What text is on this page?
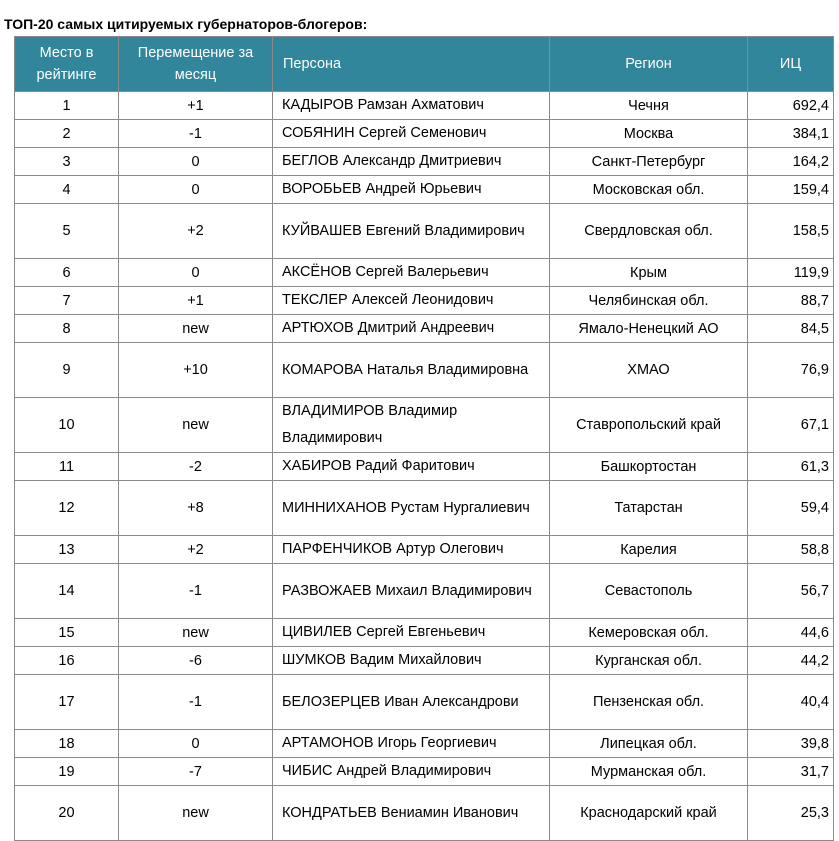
ТОП-20 самых цитируемых губернаторов-блогеров:
Место в рейтинге	Перемещение за месяц	Персона	Регион	ИЦ
1	+1	КАДЫРОВ Рамзан Ахматович	Чечня	692,4
2	-1	СОБЯНИН Сергей Семенович	Москва	384,1
3	0	БЕГЛОВ Александр Дмитриевич	Санкт-Петербург	164,2
4	0	ВОРОБЬЕВ Андрей Юрьевич	Московская обл.	159,4
5	+2	КУЙВАШЕВ Евгений Владимирович	Свердловская обл.	158,5
6	0	АКСЁНОВ Сергей Валерьевич	Крым	119,9
7	+1	ТЕКСЛЕР Алексей Леонидович	Челябинская обл.	88,7
8	new	АРТЮХОВ Дмитрий Андреевич	Ямало-Ненецкий АО	84,5
9	+10	КОМАРОВА Наталья Владимировна	ХМАО	76,9
10	new	ВЛАДИМИРОВ Владимир Владимирович	Ставропольский край	67,1
11	-2	ХАБИРОВ Радий Фаритович	Башкортостан	61,3
12	+8	МИННИХАНОВ Рустам Нургалиевич	Татарстан	59,4
13	+2	ПАРФЕНЧИКОВ Артур Олегович	Карелия	58,8
14	-1	РАЗВОЖАЕВ Михаил Владимирович	Севастополь	56,7
15	new	ЦИВИЛЕВ Сергей Евгеньевич	Кемеровская обл.	44,6
16	-6	ШУМКОВ Вадим Михайлович	Курганская обл.	44,2
17	-1	БЕЛОЗЕРЦЕВ Иван Александрови	Пензенская обл.	40,4
18	0	АРТАМОНОВ Игорь Георгиевич	Липецкая обл.	39,8
19	-7	ЧИБИС Андрей Владимирович	Мурманская обл.	31,7
20	new	КОНДРАТЬЕВ Вениамин Иванович	Краснодарский край	25,3
